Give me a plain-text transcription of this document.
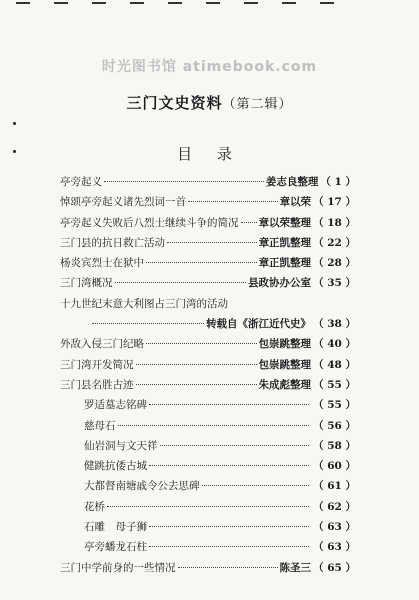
时光图书馆 atimebook.com
三门文史资料（第二辑）
目 录
亭旁起义	姜志良整理 （ 1 ）
悼颂亭旁起义诸先烈词一首	章以荣 （ 17 ）
亭旁起义失败后八烈士继续斗争的简况 章以荣整理 （ 18 ）
三门县的抗日救亡活动	章正凯整理 （ 22 ）
杨炎宾烈士在狱中	章正凯整理 （ 28 ）
三门湾概况	县政协办公室 （ 35 ）
十九世纪末意大利图占三门湾的活动
转载自《浙江近代史》 （ 38 ）
外敌入侵三门纪略	包崇跳整理 （ 40 ）
三门湾开发简况	包崇跳整理 （ 48 ）
三门县名胜古迹	朱成彪整理 （ 55 ）
罗适墓志铭碑	（ 55 ）
慈母石	（ 56 ）
仙岩洞与文天祥	（ 58 ）
健跳抗倭古城	（ 60 ）
大都督南塘戚令公去思碑	（ 61 ）
花桥	（ 62 ）
石雕　母子狮	（ 63 ）
亭旁蟠龙石柱	（ 63 ）
三门中学前身的一些情况	陈圣三 （ 65 ）
